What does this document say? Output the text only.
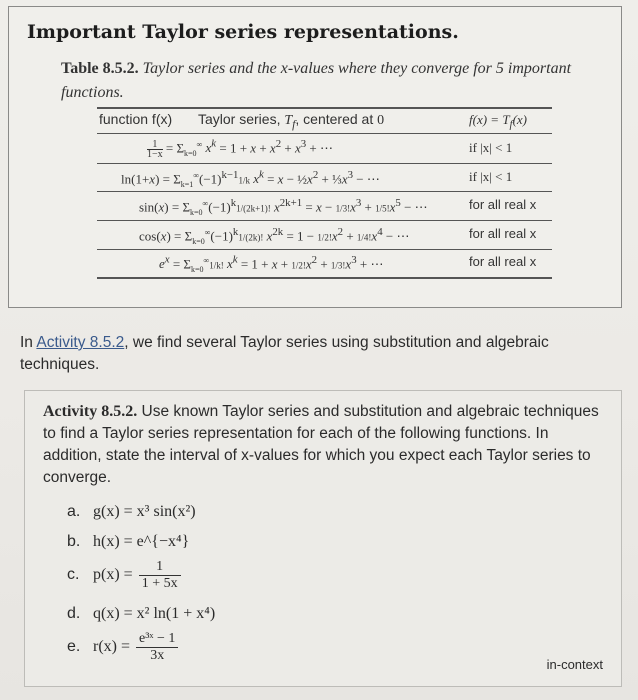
Important Taylor series representations.
Table 8.5.2. Taylor series and the x-values where they converge for 5 important functions.
function f(x) Taylor series, $T_f$, centered at 0	$f(x) = T_f(x)$
1
$1-x = \Sigma_{k=0}^\infty$ $x^k = 1 + x + x^2 + x^3$ + ⋯	if |x| < 1
$\ln(1+x) = \Sigma_{k=1}^\infty(-1)^{k-1}1/k$ $x^k = x$ − $\frac{1}{2}x^2$ + $\frac{1}{3}x^3$ − ⋯	if |x| < 1
$\sin(x) = \Sigma_{k=0}^\infty(-1)^k1/(2k+1)$! $x^{2k+1} = x - 1/3!x^3 + 1/5!x^5$ − ⋯	for all real x
$\cos(x) = \Sigma_{k=0}^\infty(-1)^k1/(2k)$! $x^{2k} = 1 - 1/2!x^2 + 1/4!x^4$ − ⋯	for all real x
$e^x = \Sigma_{k=0}^\infty 1/k$! $x^k = 1 + x + 1/2!x^2 + 1/3!x^3$ + ⋯	for all real x
In Activity 8.5.2, we find several Taylor series using substitution and algebraic techniques.
Activity 8.5.2. Use known Taylor series and substitution and algebraic techniques to find a Taylor series representation for each of the following functions. In addition, state the interval of x-values for which you expect each Taylor series to converge.
a. g(x) = x³ sin(x²)
b. h(x) = e^{−x⁴}
c. $p(x) = \frac{1}{1 + 5x}$
d. q(x) = x² ln(1 + x⁴)
e. $r(x) = \frac{\text{e³ˣ − 1}}{3x}$
in-context
